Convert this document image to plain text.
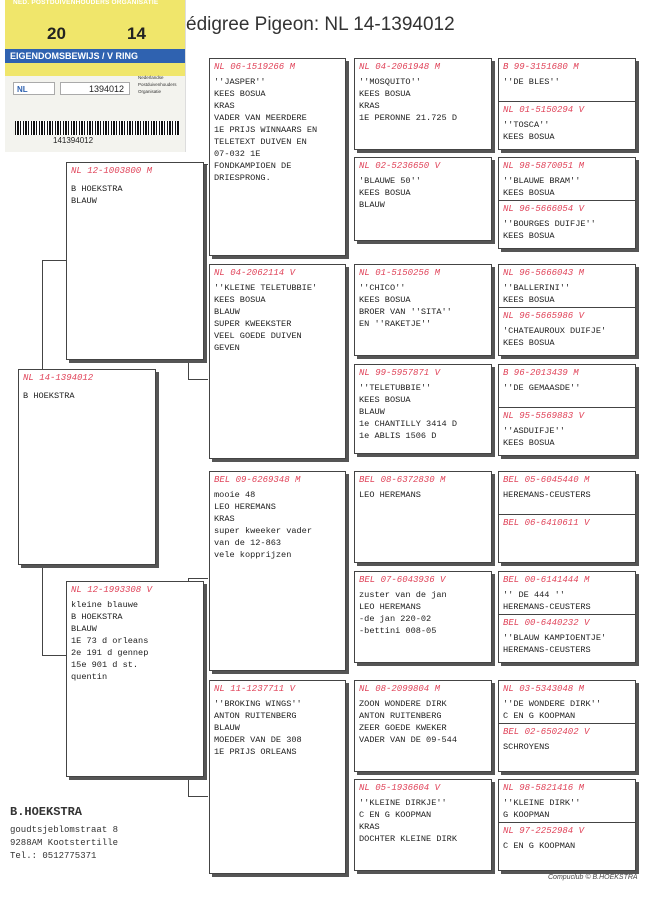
édigree Pigeon: NL 14-1394012
NED. POSTDUIVENHOUDERS ORGANISATIE
20	14
EIGENDOMSBEWIJS / V RING
NL	1394012
Nederlandse
Postduivenhouders
Organisatie
141394012
NL 14-1394012
B HOEKSTRA
NL 12-1003800 M
B HOEKSTRA
BLAUW
NL 12-1993308 V
kleine blauwe
B HOEKSTRA
BLAUW
1E 73 d orleans
2e 191 d gennep
15e 901 d st.
quentin
NL 06-1519266 M
''JASPER''
KEES BOSUA
KRAS
VADER VAN MEERDERE
1E PRIJS WINNAARS EN
TELETEXT DUIVEN EN
07-032 1E
FONDKAMPIOEN DE
DRIESPRONG.
NL 04-2062114 V
''KLEINE TELETUBBIE'
KEES BOSUA
BLAUW
SUPER KWEEKSTER
VEEL GOEDE DUIVEN
GEVEN
BEL 09-6269348 M
mooie 48
LEO HEREMANS
KRAS
super kweeker vader
van de 12-863
vele kopprijzen
NL 11-1237711 V
''BROKING WINGS''
ANTON RUITENBERG
BLAUW
MOEDER VAN DE 308
1E PRIJS ORLEANS
NL 04-2061948 M
''MOSQUITO''
KEES BOSUA
KRAS
1E PERONNE 21.725 D
NL 02-5236650 V
'BLAUWE 50''
KEES BOSUA
BLAUW
NL 01-5150256 M
''CHICO''
KEES BOSUA
BROER VAN ''SITA''
EN ''RAKETJE''
NL 99-5957871 V
''TELETUBBIE''
KEES BOSUA
BLAUW
1e CHANTILLY 3414 D
1e ABLIS 1506 D
BEL 08-6372830 M
LEO HEREMANS
BEL 07-6043936 V
zuster van de jan
LEO HEREMANS
-de jan 220-02
-bettini 008-05
NL 08-2099804 M
ZOON WONDERE DIRK
ANTON RUITENBERG
ZEER GOEDE KWEKER
VADER VAN DE 09-544
NL 05-1936604 V
''KLEINE DIRKJE''
C EN G KOOPMAN
KRAS
DOCHTER KLEINE DIRK
B 99-3151680 M
''DE BLES''
NL 01-5150294 V
''TOSCA''
KEES BOSUA
NL 98-5870051 M
''BLAUWE BRAM''
KEES BOSUA
NL 96-5666054 V
''BOURGES DUIFJE''
KEES BOSUA
NL 96-5666043 M
''BALLERINI''
KEES BOSUA
NL 96-5665986 V
'CHATEAUROUX DUIFJE'
KEES BOSUA
B 96-2013439 M
''DE GEMAASDE''
NL 95-5569883 V
''ASDUIFJE''
KEES BOSUA
BEL 05-6045440 M
HEREMANS-CEUSTERS
BEL 06-6410611 V
BEL 00-6141444 M
'' DE 444 ''
HEREMANS-CEUSTERS
BEL 00-6440232 V
''BLAUW KAMPIOENTJE'
HEREMANS-CEUSTERS
NL 03-5343048 M
''DE WONDERE DIRK''
C EN G KOOPMAN
BEL 02-6502402 V
SCHROYENS
NL 98-5821416 M
''KLEINE DIRK''
G KOOPMAN
NL 97-2252984 V
C EN G KOOPMAN
B.HOEKSTRA
goudtsjeblomstraat 8
9288AM Kootstertille
Tel.: 0512775371
Compuclub © B.HOEKSTRA
